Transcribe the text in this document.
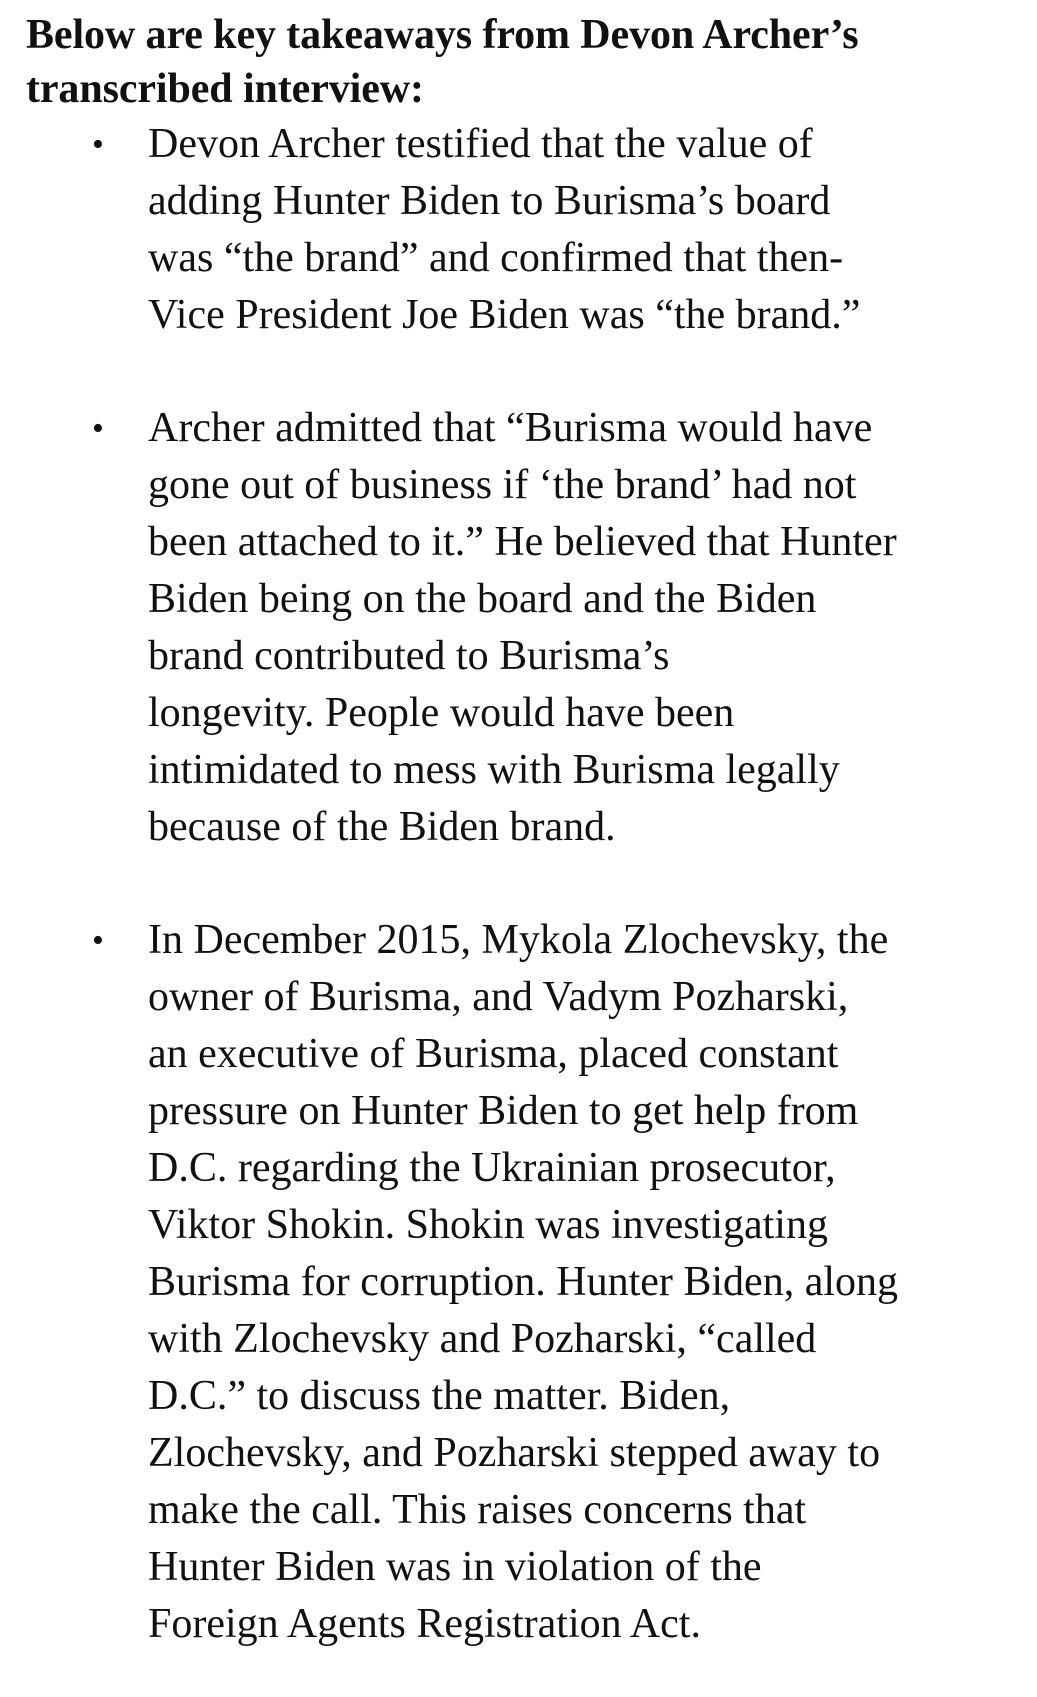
Below are key takeaways from Devon Archer’s
transcribed interview:
• Devon Archer testified that the value of
adding Hunter Biden to Burisma’s board
was “the brand” and confirmed that then-
Vice President Joe Biden was “the brand.”
• Archer admitted that “Burisma would have
gone out of business if ‘the brand’ had not
been attached to it.” He believed that Hunter
Biden being on the board and the Biden
brand contributed to Burisma’s
longevity. People would have been
intimidated to mess with Burisma legally
because of the Biden brand.
• In December 2015, Mykola Zlochevsky, the
owner of Burisma, and Vadym Pozharski,
an executive of Burisma, placed constant
pressure on Hunter Biden to get help from
D.C. regarding the Ukrainian prosecutor,
Viktor Shokin. Shokin was investigating
Burisma for corruption. Hunter Biden, along
with Zlochevsky and Pozharski, “called
D.C.” to discuss the matter. Biden,
Zlochevsky, and Pozharski stepped away to
make the call. This raises concerns that
Hunter Biden was in violation of the
Foreign Agents Registration Act.
